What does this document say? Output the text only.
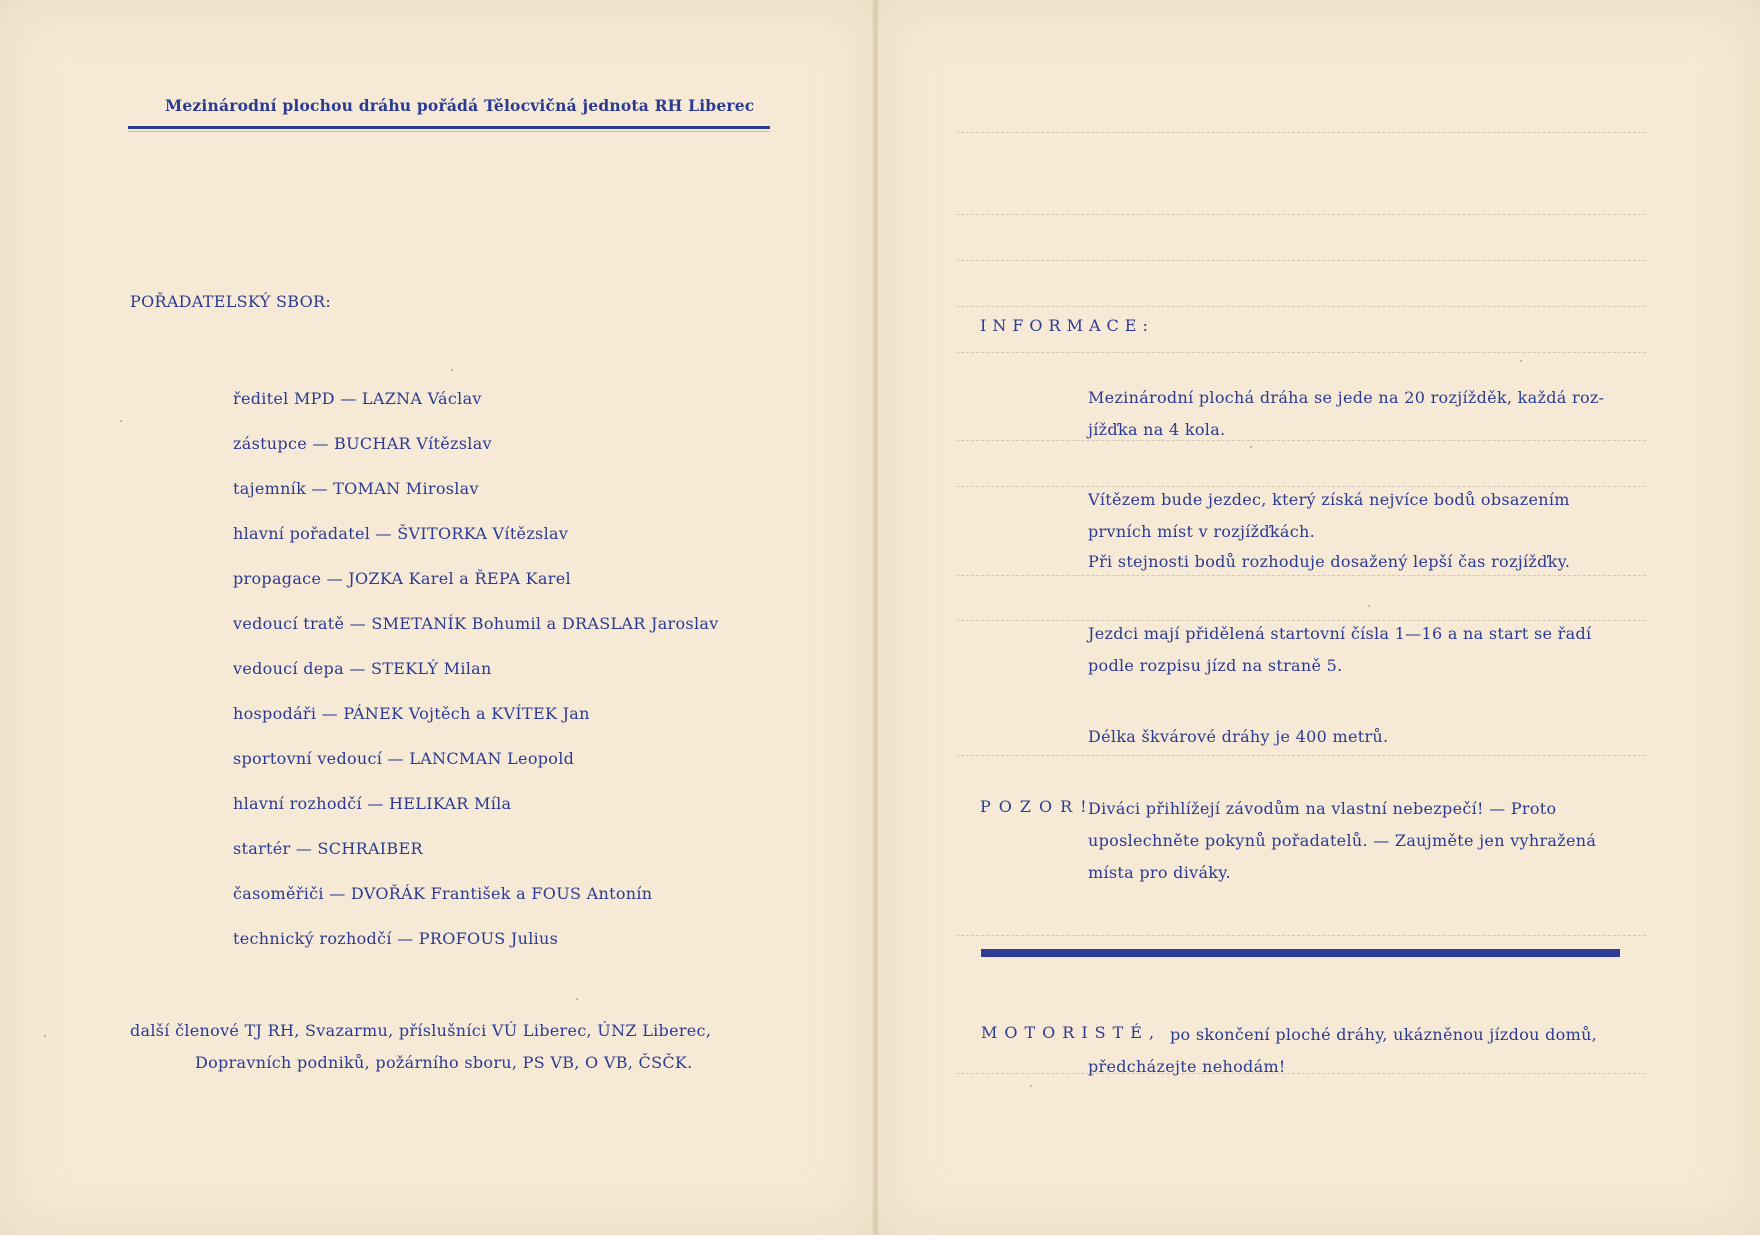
Mezinárodní plochou dráhu pořádá Tělocvičná jednota RH Liberec
POŘADATELSKÝ SBOR:
ředitel MPD — LAZNA Václav
zástupce — BUCHAR Vítězslav
tajemník — TOMAN Miroslav
hlavní pořadatel — ŠVITORKA Vítězslav
propagace — JOZKA Karel a ŘEPA Karel
vedoucí tratě — SMETANÍK Bohumil a DRASLAR Jaroslav
vedoucí depa — STEKLÝ Milan
hospodáři — PÁNEK Vojtěch a KVÍTEK Jan
sportovní vedoucí — LANCMAN Leopold
hlavní rozhodčí — HELIKAR Míla
startér — SCHRAIBER
časoměřiči — DVOŘÁK František a FOUS Antonín
technický rozhodčí — PROFOUS Julius
další členové TJ RH, Svazarmu, příslušníci VÚ Liberec, ÚNZ Liberec,
Dopravních podniků, požárního sboru, PS VB, O VB, ČSČK.
INFORMACE:
Mezinárodní plochá dráha se jede na 20 rozjížděk, každá roz- jížďka na 4 kola.
Vítězem bude jezdec, který získá nejvíce bodů obsazením prvních míst v rozjížďkách.
Při stejnosti bodů rozhoduje dosažený lepší čas rozjížďky.
Jezdci mají přidělená startovní čísla 1—16 a na start se řadí podle rozpisu jízd na straně 5.
Délka škvárové dráhy je 400 metrů.
POZOR!
Diváci přihlížejí závodům na vlastní nebezpečí! — Proto uposlechněte pokynů pořadatelů. — Zaujměte jen vyhražená místa pro diváky.
MOTORISTÉ, po skončení ploché dráhy, ukázněnou jízdou domů,
předcházejte nehodám!
